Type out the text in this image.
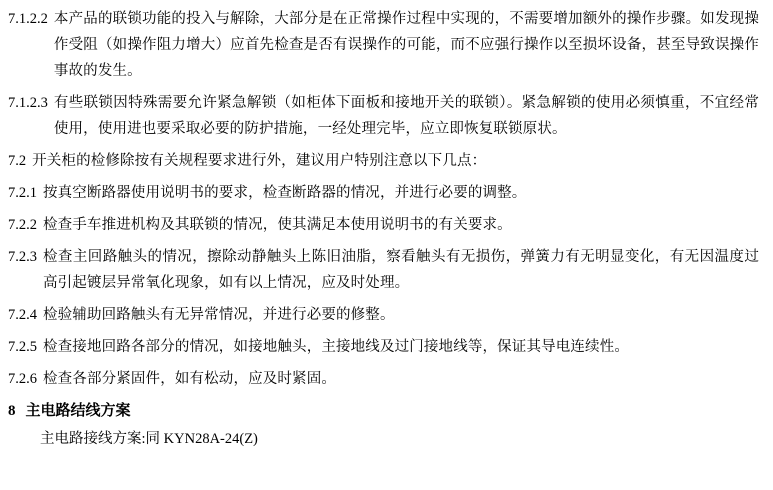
7.1.2.2 本产品的联锁功能的投入与解除，大部分是在正常操作过程中实现的，不需要增加额外的操作步骤。如发现操作受阻（如操作阻力增大）应首先检查是否有误操作的可能，而不应强行操作以至损坏设备，甚至导致误操作事故的发生。
7.1.2.3 有些联锁因特殊需要允许紧急解锁（如柜体下面板和接地开关的联锁）。紧急解锁的使用必须慎重，不宜经常使用，使用进也要采取必要的防护措施，一经处理完毕，应立即恢复联锁原状。
7.2 开关柜的检修除按有关规程要求进行外，建议用户特别注意以下几点：
7.2.1 按真空断路器使用说明书的要求，检查断路器的情况，并进行必要的调整。
7.2.2 检查手车推进机构及其联锁的情况，使其满足本使用说明书的有关要求。
7.2.3 检查主回路触头的情况，擦除动静触头上陈旧油脂，察看触头有无损伤，弹簧力有无明显变化，有无因温度过高引起镀层异常氧化现象，如有以上情况，应及时处理。
7.2.4 检验辅助回路触头有无异常情况，并进行必要的修整。
7.2.5 检查接地回路各部分的情况，如接地触头，主接地线及过门接地线等，保证其导电连续性。
7.2.6 检查各部分紧固件，如有松动，应及时紧固。
8 主电路结线方案
主电路接线方案:同 KYN28A-24(Z)
